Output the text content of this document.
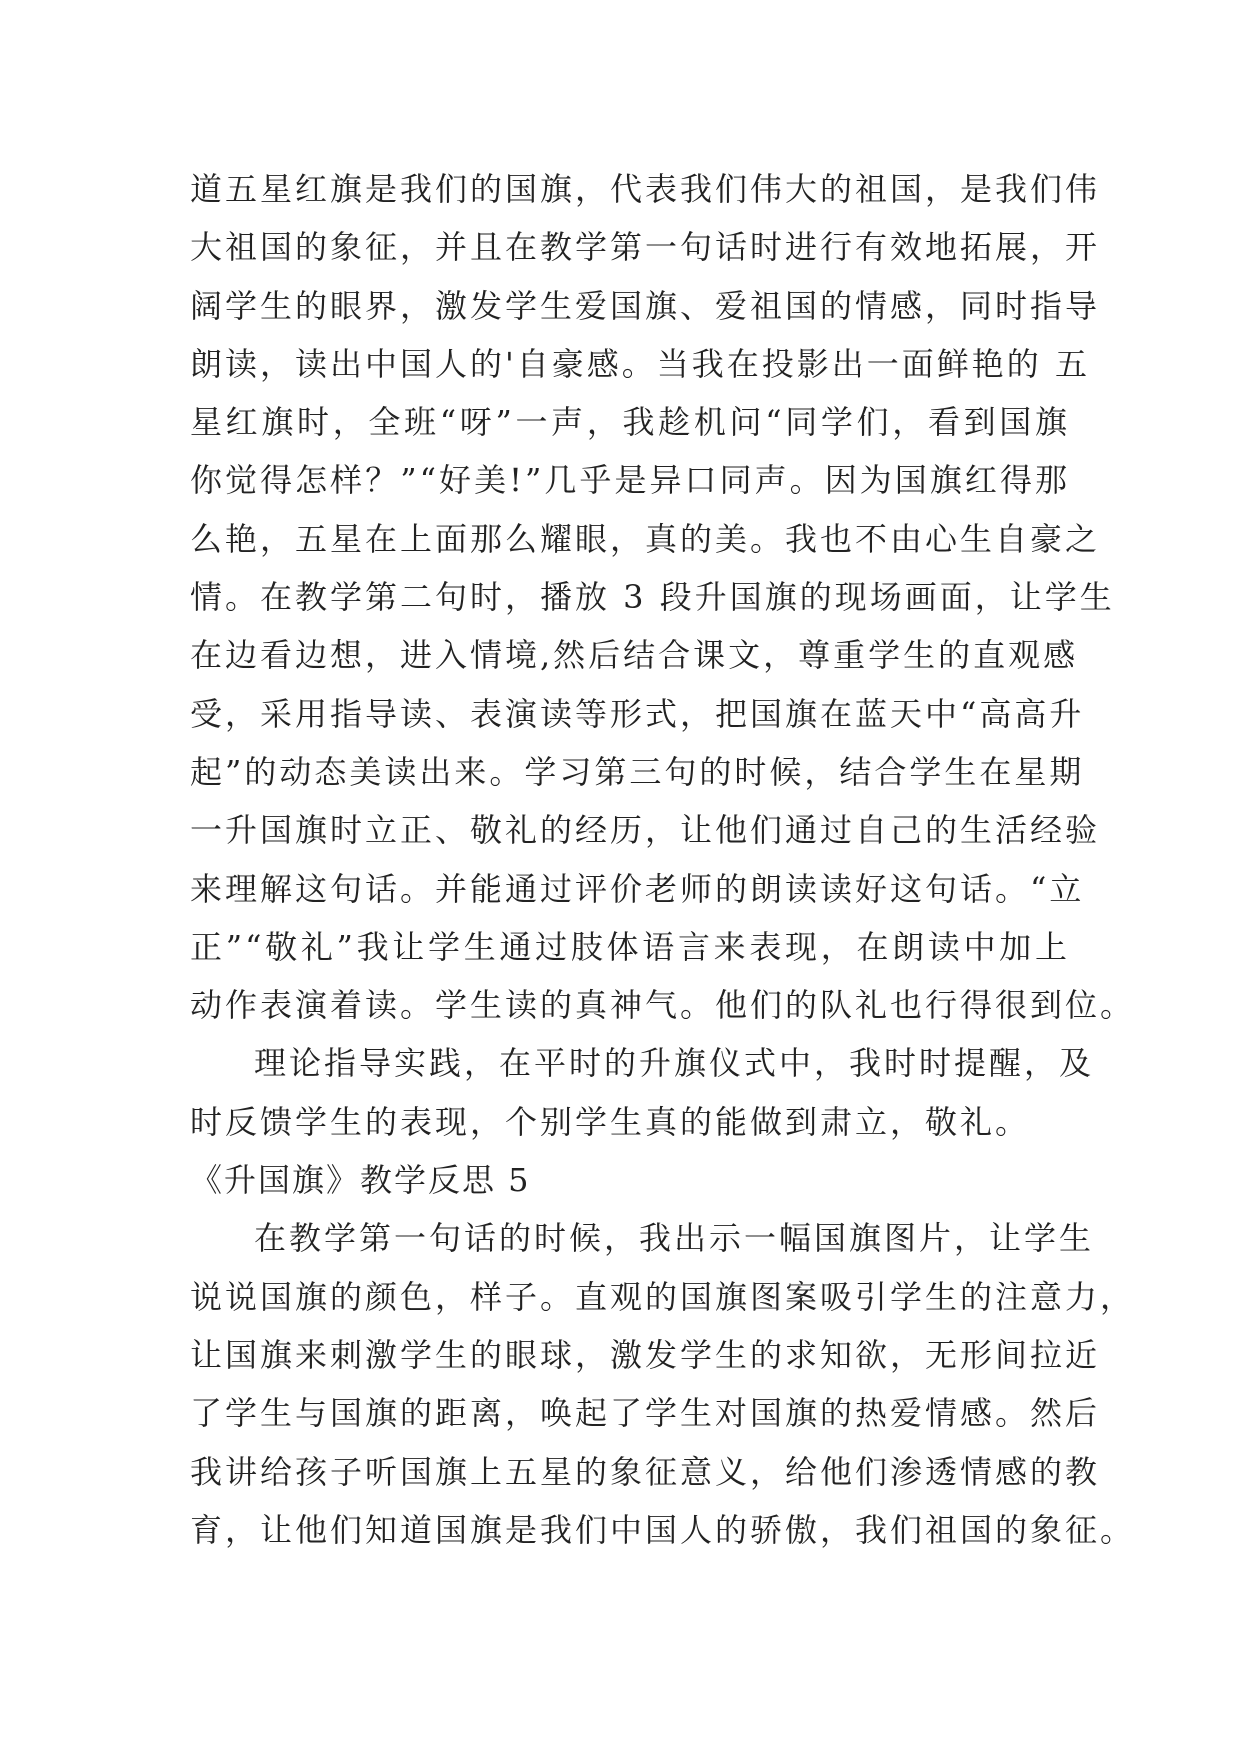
道五星红旗是我们的国旗，代表我们伟大的祖国，是我们伟
大祖国的象征，并且在教学第一句话时进行有效地拓展，开
阔学生的眼界，激发学生爱国旗、爱祖国的情感，同时指导
朗读，读出中国人的'自豪感。当我在投影出一面鲜艳的 五
星红旗时，全班“呀”一声，我趁机问“同学们，看到国旗
你觉得怎样？”“好美!”几乎是异口同声。因为国旗红得那
么艳，五星在上面那么耀眼，真的美。我也不由心生自豪之
情。在教学第二句时，播放 3 段升国旗的现场画面，让学生
在边看边想，进入情境,然后结合课文，尊重学生的直观感
受，采用指导读、表演读等形式，把国旗在蓝天中“高高升
起”的动态美读出来。学习第三句的时候，结合学生在星期
一升国旗时立正、敬礼的经历，让他们通过自己的生活经验
来理解这句话。并能通过评价老师的朗读读好这句话。“立
正”“敬礼”我让学生通过肢体语言来表现，在朗读中加上
动作表演着读。学生读的真神气。他们的队礼也行得很到位。
理论指导实践，在平时的升旗仪式中，我时时提醒，及
时反馈学生的表现，个别学生真的能做到肃立，敬礼。
《升国旗》教学反思 5
在教学第一句话的时候，我出示一幅国旗图片，让学生
说说国旗的颜色，样子。直观的国旗图案吸引学生的注意力，
让国旗来刺激学生的眼球，激发学生的求知欲，无形间拉近
了学生与国旗的距离，唤起了学生对国旗的热爱情感。然后
我讲给孩子听国旗上五星的象征意义，给他们渗透情感的教
育，让他们知道国旗是我们中国人的骄傲，我们祖国的象征。
